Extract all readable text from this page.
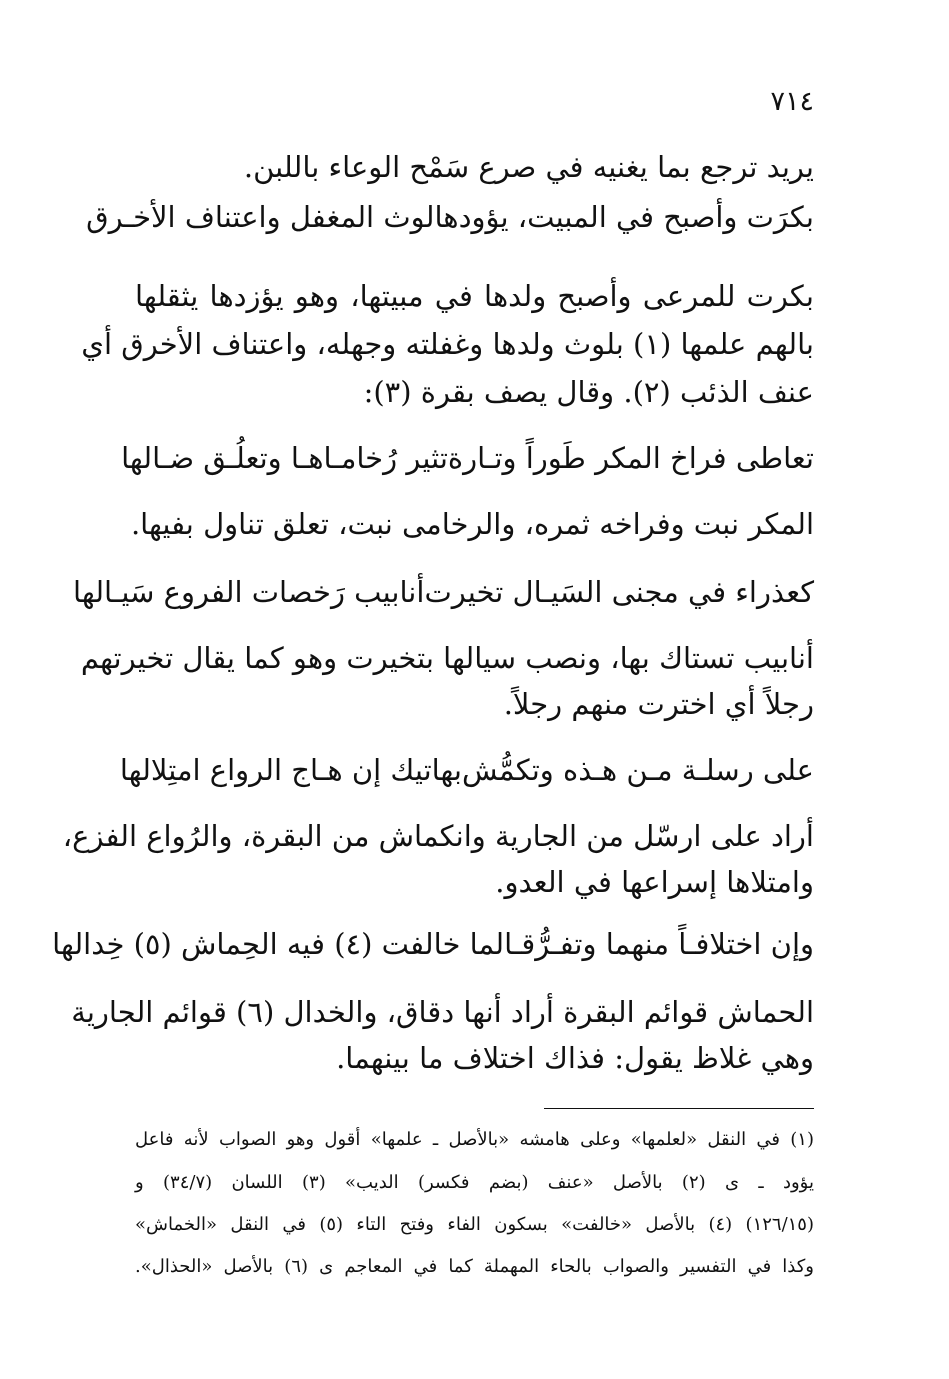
٧١٤
يريد ترجع بما يغنيه في صرع سَمْح الوعاء باللبن.
بكرَت وأصبح في المبيت، يؤودها
لوث المغفل واعتناف الأخـرق
بكرت للمرعى وأصبح ولدها في مبيتها، وهو يؤزدها يثقلها
بالهم علمها (١) بلوث ولدها وغفلته وجهله، واعتناف الأخرق أي
عنف الذئب (٢). وقال يصف بقرة (٣):
تعاطى فراخ المكر طَوراً وتـارة
تثير رُخامـاهـا وتعلُـق ضـالها
المكر نبت وفراخه ثمره، والرخامى نبت، تعلق تناول بفيها.
كعذراء في مجنى السَيـال تخيرت
أنابيب رَخصات الفروع سَيـالها
أنابيب تستاك بها، ونصب سيالها بتخيرت وهو كما يقال تخيرتهم
رجلاً أي اخترت منهم رجلاً.
على رسلـة مـن هـذه وتكمُّش
بهاتيك إن هـاج الرواع امتِلالها
أراد على ارسّل من الجارية وانكماش من البقرة، والرُواع الفزع،
وامتلاها إسراعها في العدو.
وإن اختلافـاً منهما وتفـرُّقـا
لما خالفت (٤) فيه الحِماش (٥) خِدالها
الحماش قوائم البقرة أراد أنها دقاق، والخدال (٦) قوائم الجارية
وهي غلاظ يقول: فذاك اختلاف ما بينهما.
(١) في النقل «لعلمها» وعلى هامشه «بالأصل ـ علمها» أقول وهو الصواب لأنه فاعل
يؤود ـ ى (٢) بالأصل «عنف (بضم فكسر) الديب» (٣) اللسان (٣٤/٧) و
(١٢٦/١٥) (٤) بالأصل «خالفت» بسكون الفاء وفتح التاء (٥) في النقل «الخماش»
وكذا في التفسير والصواب بالحاء المهملة كما في المعاجم ى (٦) بالأصل «الحذال».
